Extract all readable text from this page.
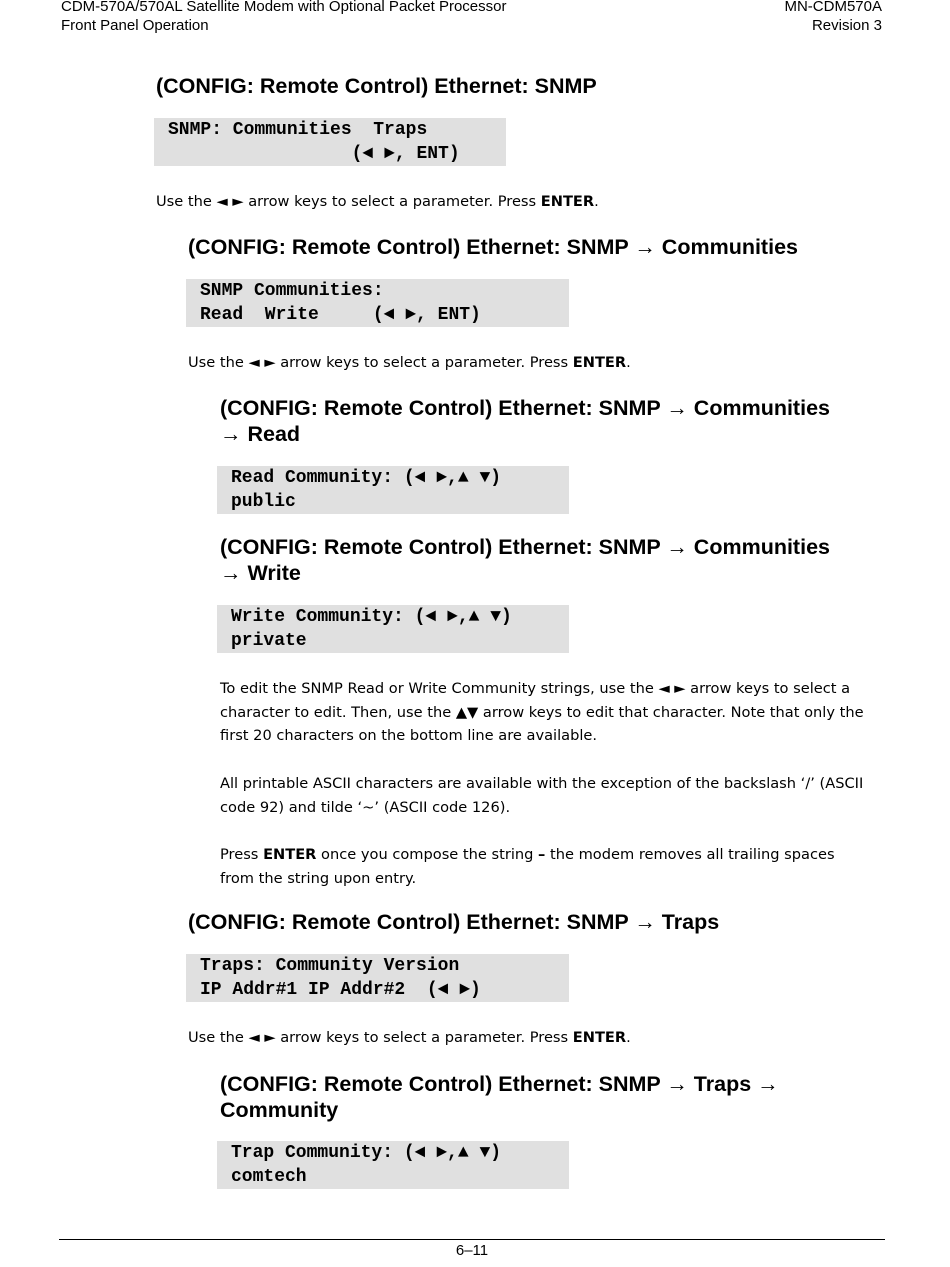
CDM-570A/570AL Satellite Modem with Optional Packet Processor
Front Panel Operation
MN-CDM570A
Revision 3
(CONFIG: Remote Control) Ethernet: SNMP
SNMP: Communities  Traps
(◄ ►, ENT)

Use the ◄ ► arrow keys to select a parameter. Press ENTER.

(CONFIG: Remote Control) Ethernet: SNMP → Communities
SNMP Communities:
Read  Write     (◄ ►, ENT)

Use the ◄ ► arrow keys to select a parameter. Press ENTER.

(CONFIG: Remote Control) Ethernet: SNMP → Communities
→ Read
Read Community: (◄ ►,▲ ▼)
public
(CONFIG: Remote Control) Ethernet: SNMP → Communities
→ Write
Write Community: (◄ ►,▲ ▼)
private

To edit the SNMP Read or Write Community strings, use the ◄ ► arrow keys to select a character to edit. Then, use the ▲▼ arrow keys to edit that character. Note that only the first 20 characters on the bottom line are available.

All printable ASCII characters are available with the exception of the backslash ‘/’ (ASCII code 92) and tilde ‘~’ (ASCII code 126).

Press ENTER once you compose the string – the modem removes all trailing spaces from the string upon entry.

(CONFIG: Remote Control) Ethernet: SNMP → Traps
Traps: Community Version
IP Addr#1 IP Addr#2  (◄ ►)

Use the ◄ ► arrow keys to select a parameter. Press ENTER.

(CONFIG: Remote Control) Ethernet: SNMP → Traps →
Community
Trap Community: (◄ ►,▲ ▼)
comtech
6–11
